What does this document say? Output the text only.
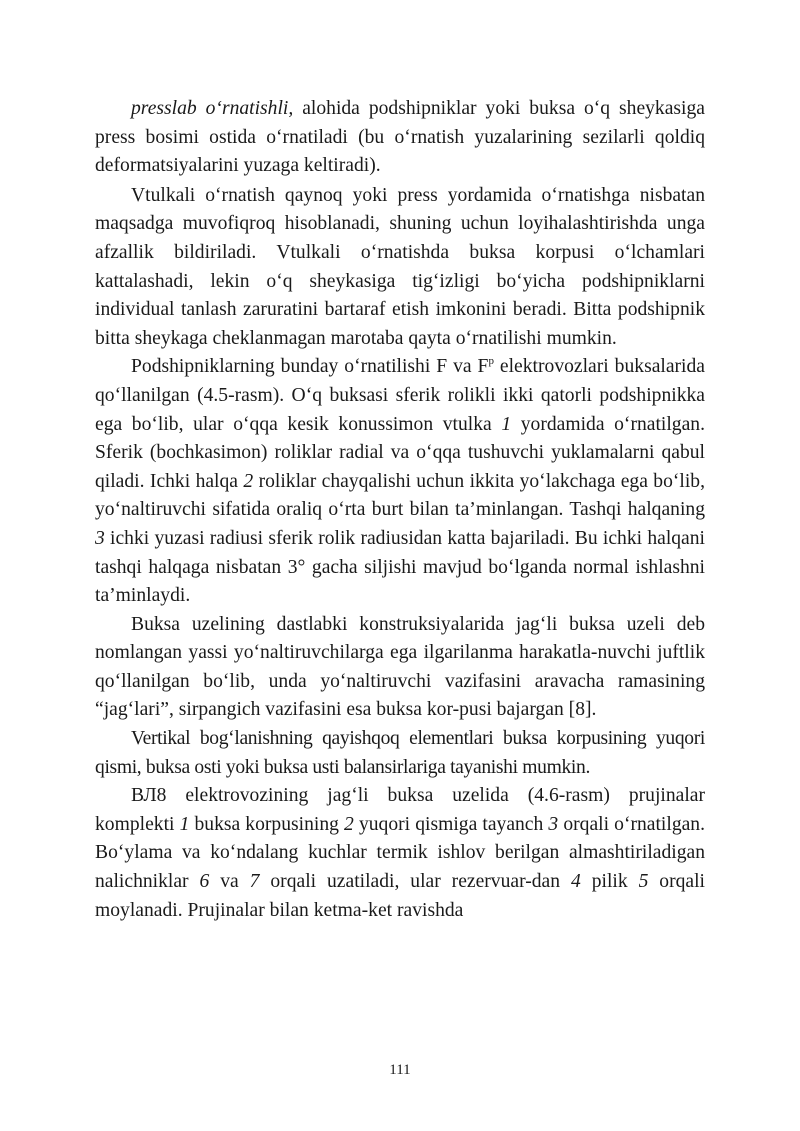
presslab o‘rnatishli, alohida podshipniklar yoki buksa o‘q sheykasiga press bosimi ostida o‘rnatiladi (bu o‘rnatish yuzalarining sezilarli qoldiq deformatsiyalarini yuzaga keltiradi).

Vtulkali o‘rnatish qaynoq yoki press yordamida o‘rnatishga nisbatan maqsadga muvofiqroq hisoblanadi, shuning uchun loyihalashtirishda unga afzallik bildiriladi. Vtulkali o‘rnatishda buksa korpusi o‘lchamlari kattalashadi, lekin o‘q sheykasiga tig‘izligi bo‘yicha podshipniklarni individual tanlash zaruratini bartaraf etish imkonini beradi. Bitta podshipnik bitta sheykaga cheklanmagan marotaba qayta o‘rnatilishi mumkin.

Podshipniklarning bunday o‘rnatilishi F va $F^р$ elektrovozlari buksalarida qo‘llanilgan (4.5-rasm). O‘q buksasi sferik rolikli ikki qatorli podshipnikka ega bo‘lib, ular o‘qqa kesik konussimon vtulka 1 yordamida o‘rnatilgan. Sferik (bochkasimon) roliklar radial va o‘qqa tushuvchi yuklamalarni qabul qiladi. Ichki halqa 2 roliklar chayqalishi uchun ikkita yo‘lakchaga ega bo‘lib, yo‘naltiruvchi sifatida oraliq o‘rta burt bilan ta’minlangan. Tashqi halqaning 3 ichki yuzasi radiusi sferik rolik radiusidan katta bajariladi. Bu ichki halqani tashqi halqaga nisbatan 3° gacha siljishi mavjud bo‘lganda normal ishlashni ta’minlaydi.

Buksa uzelining dastlabki konstruksiyalarida jag‘li buksa uzeli deb nomlangan yassi yo‘naltiruvchilarga ega ilgarilanma harakatla-nuvchi juftlik qo‘llanilgan bo‘lib, unda yo‘naltiruvchi vazifasini aravacha ramasining “jag‘lari”, sirpangich vazifasini esa buksa kor-pusi bajargan [8].

Vertikal bog‘lanishning qayishqoq elementlari buksa korpusining yuqori qismi, buksa osti yoki buksa usti balansirlariga tayanishi mumkin.

ВЛ8 elektrovozining jag‘li buksa uzelida (4.6-rasm) prujinalar komplekti 1 buksa korpusining 2 yuqori qismiga tayanch 3 orqali o‘rnatilgan. Bo‘ylama va ko‘ndalang kuchlar termik ishlov berilgan almashtiriladigan nalichniklar 6 va 7 orqali uzatiladi, ular rezervuar-dan 4 pilik 5 orqali moylanadi. Prujinalar bilan ketma-ket ravishda

111
